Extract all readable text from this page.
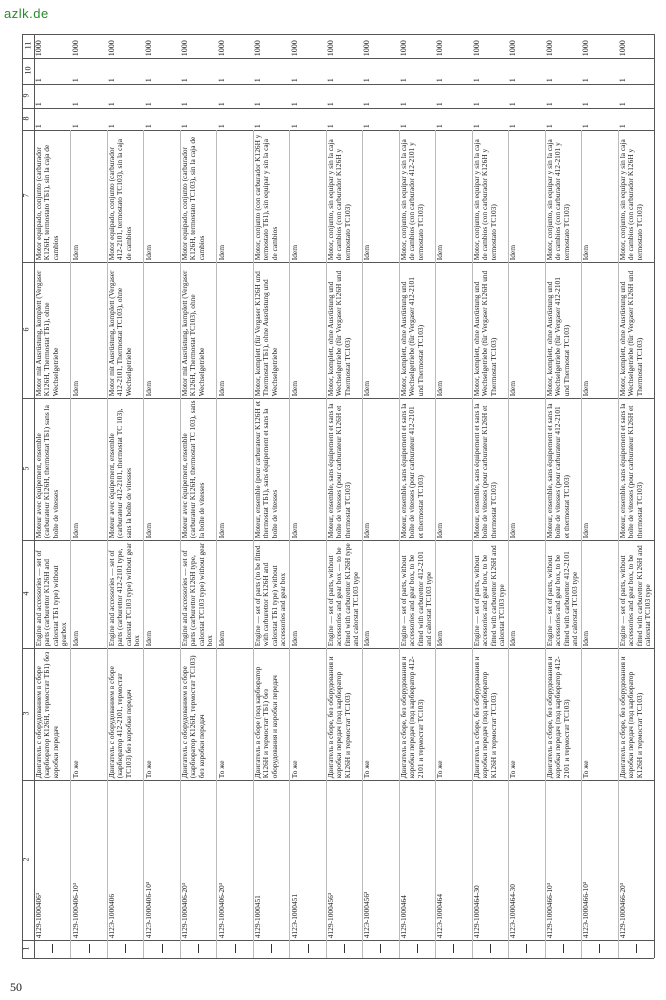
azlk.de
50
1
2
3
4
5
6
7
8
9
10
11
4129-1000406³
Двигатель с оборудованием в сборе (карбюратор К126Н, термостат ТБ1) без коробки передач
Engine and accessories — set of parts (carburettor K126H and calorstat ТБ1 type) without gearbox
Moteur avec équipement, ensemble (carburateur K126H, thermostat ТБ1) sans la boîte de vitesses
Motor mit Ausrüstung, komplett (Vergaser K126H, Thermostat ТБ1), ohne Wechselgetriebe
Motor equipado, conjunto (carburador K126H, termostato ТБ1), sin la caja de cambios
1
1
1
1000
4129-1000406-10³
То же
Idem
Idem
Idem
Idem
1
1
1
1000
412Э-1000406
Двигатель с оборудованием в сборе (карбюратор 412-2101, термостат ТС103) без коробки передач
Engine and accessories — set of parts (carburettor 412-2101 type, calorstat ТС103 type) without gear box
Moteur avec équipement, ensemble (carburateur 412-2101, thermostat ТС 103), sans la boîte de vitesses
Motor mit Ausrüstung, komplett (Vergaser 412-2101, Thermostat ТС103), ohne Wechselgetriebe
Motor equipado, conjunto (carburador 412-2101, termostato ТС103), sin la caja de cambios
1
1
1
1000
412Э-1000406-10³
То же
Idem
Idem
Idem
Idem
1
1
1
1000
4129-1000406-20³
Двигатель с оборудованием в сборе (карбюратор К126Н, термостат ТС103) без коробки передач
Engine and accessories — set of parts (carburettor K126H type, calorstat ТС103 type) without gear box
Moteur avec équipement, ensemble (carburateur K126H, thermostat ТС 103), sans la boîte de vitesses
Motor mit Ausrüstung, komplett (Vergaser K126H, Thermostat ТС103), ohne Wechselgetriebe
Motor equipado, conjunto (carburador K126H, termostato ТС103), sin la caja de cambios
1
1
1
1000
4129-1000406-20³
То же
Idem
Idem
Idem
Idem
1
1
1
1000
4129-1000451
Двигатель в сборе (под карбюратор К126Н и термостат ТБ1) без оборудования и коробки передач
Engine — set of parts (to be fitted with carburettor K126H and calorstat ТБ1 type) without accessories and gear box
Moteur, ensemble (pour carburateur K126H et thermostat ТБ1), sans équipement et sans la boîte de vitesses
Motor, komplett (für Vergaser K126H und Thermostat ТБ1), ohne Ausrüstung und Wechselgetriebe
Motor, conjunto (con carburador K126H y termostato ТБ1), sin equipar y sin la caja de cambios
1
1
1
1000
412Э-1000451
То же
Idem
Idem
Idem
Idem
1
1
1
1000
4129-1000456³
Двигатель в сборе, без оборудования и коробки передач (под карбюратор К126Н и термостат ТС103)
Engine — set of parts, without accessories and gear box — to be fitted with carburettor K126H type and calorstat ТС103 type
Moteur, ensemble, sans équipement et sans la boîte de vitesses (pour carburateur K126H et thermostat ТС103)
Motor, komplett, ohne Ausrüstung und Wechselgetriebe (für Vergaser K126H und Thermostat ТС103)
Motor, conjunto, sin equipar y sin la caja de cambios (con carburador K126H y termostato ТС103)
1
1
1
1000
412Э-1000456³
То же
Idem
Idem
Idem
Idem
1
1
1
1000
4129-1000464
Двигатель в сборе, без оборудования и коробки передач (под карбюратор 412-2101 и термостат ТС103)
Engine — set of parts, without accessories and gear box, to be fitted with carburettor 412-2101 and calorstat ТС103 type
Moteur, ensemble, sans équipement et sans la boîte de vitesses (pour carburateur 412-2101 et thermostat ТС103)
Motor, komplett, ohne Ausrüstung und Wechselgetriebe (für Vergaser 412-2101 und Thermostat ТС103)
Motor, conjunto, sin equipar y sin la caja de cambios (con carburador 412-2101 y termostato ТС103)
1
1
1
1000
412Э-1000464
То же
Idem
Idem
Idem
Idem
1
1
1
1000
4129-1000464-30
Двигатель в сборе, без оборудования и коробки передач (под карбюратор К126Н и термостат ТС103)
Engine — set of parts, without accessories and gear box, to be fitted with carburettor K126H and calorstat ТС103 type
Moteur, ensemble, sans équipement et sans la boîte de vitesses (pour carburateur K126H et thermostat ТС103)
Motor, komplett, ohne Ausrüstung und Wechselgetriebe (für Vergaser K126H und Thermostat ТС103)
Motor, conjunto, sin equipar y sin la caja de cambios (con carburador K126H y termostato ТС103)
1
1
1
1000
412Э-1000464-30
То же
Idem
Idem
Idem
Idem
1
1
1
1000
4129-1000466-10³
Двигатель в сборе, без оборудования и коробки передач (под карбюратор 412-2101 и термостат ТС103)
Engine — set of parts, without accessories and gear box, to be fitted with carburettor 412-2101 and calorstat ТС103 type
Moteur, ensemble, sans équipement et sans la boîte de vitesses (pour carburateur 412-2101 et thermostat ТС103)
Motor, komplett, ohne Ausrüstung und Wechselgetriebe (für Vergaser 412-2101 und Thermostat ТС103)
Motor, conjunto, sin equipar y sin la caja de cambios (con carburador 412-2101 y termostato ТС103)
1
1
1
1000
412Э-1000466-10³
То же
Idem
Idem
Idem
Idem
1
1
1
1000
4129-1000466-20³
Двигатель в сборе, без оборудования и коробки передач (под карбюратор К126Н и термостат ТС103)
Engine — set of parts, without accessories and gear box, to be fitted with carburettor K126H and calorstat ТС103 type
Moteur, ensemble, sans équipement et sans la boîte de vitesses (pour carburateur K126H et thermostat ТС103)
Motor, komplett, ohne Ausrüstung und Wechselgetriebe (für Vergaser K126H und Thermostat ТС103)
Motor, conjunto, sin equipar y sin la caja de cambios (con carburador K126H y termostato ТС103)
1
1
1
1000
